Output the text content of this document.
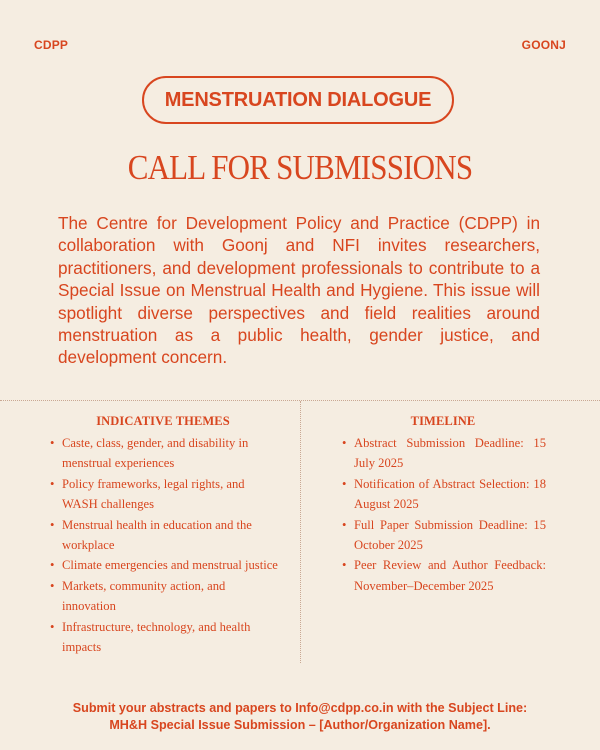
CDPP	GOONJ
MENSTRUATION DIALOGUE
CALL FOR SUBMISSIONS

The Centre for Development Policy and Practice (CDPP) in collaboration with Goonj and NFI invites researchers, practitioners, and development professionals to contribute to a Special Issue on Menstrual Health and Hygiene. This issue will spotlight diverse perspectives and field realities around menstruation as a public health, gender justice, and development concern.

INDICATIVE THEMES
• Caste, class, gender, and disability in menstrual experiences
• Policy frameworks, legal rights, and WASH challenges
• Menstrual health in education and the workplace
• Climate emergencies and menstrual justice
• Markets, community action, and innovation
• Infrastructure, technology, and health impacts
TIMELINE
• Abstract Submission Deadline: 15 July 2025
• Notification of Abstract Selection: 18 August 2025
• Full Paper Submission Deadline: 15 October 2025
• Peer Review and Author Feedback: November–December 2025
Submit your abstracts and papers to Info@cdpp.co.in with the Subject Line:
MH&H Special Issue Submission – [Author/Organization Name].
